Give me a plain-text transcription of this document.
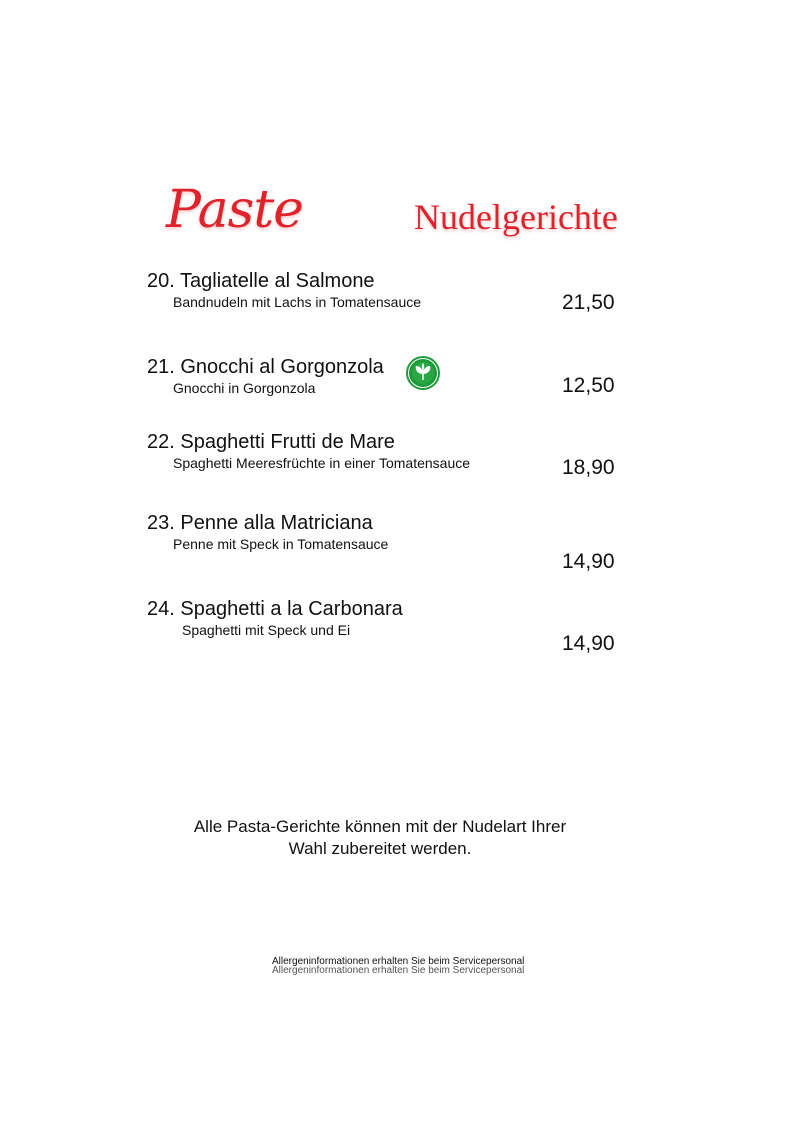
Paste	Nudelgerichte
20. Tagliatelle al Salmone
Bandnudeln mit Lachs in Tomatensauce	21,50
21. Gnocchi al Gorgonzola
Gnocchi in Gorgonzola	12,50
22. Spaghetti Frutti de Mare
Spaghetti Meeresfrüchte in einer Tomatensauce	18,90
23. Penne alla Matriciana
Penne mit Speck in Tomatensauce
14,90
24. Spaghetti a la Carbonara
Spaghetti mit Speck und Ei
14,90
Alle Pasta-Gerichte können mit der Nudelart Ihrer
Wahl zubereitet werden.
Allergeninformationen erhalten Sie beim Servicepersonal
Allergeninformationen erhalten Sie beim Servicepersonal
